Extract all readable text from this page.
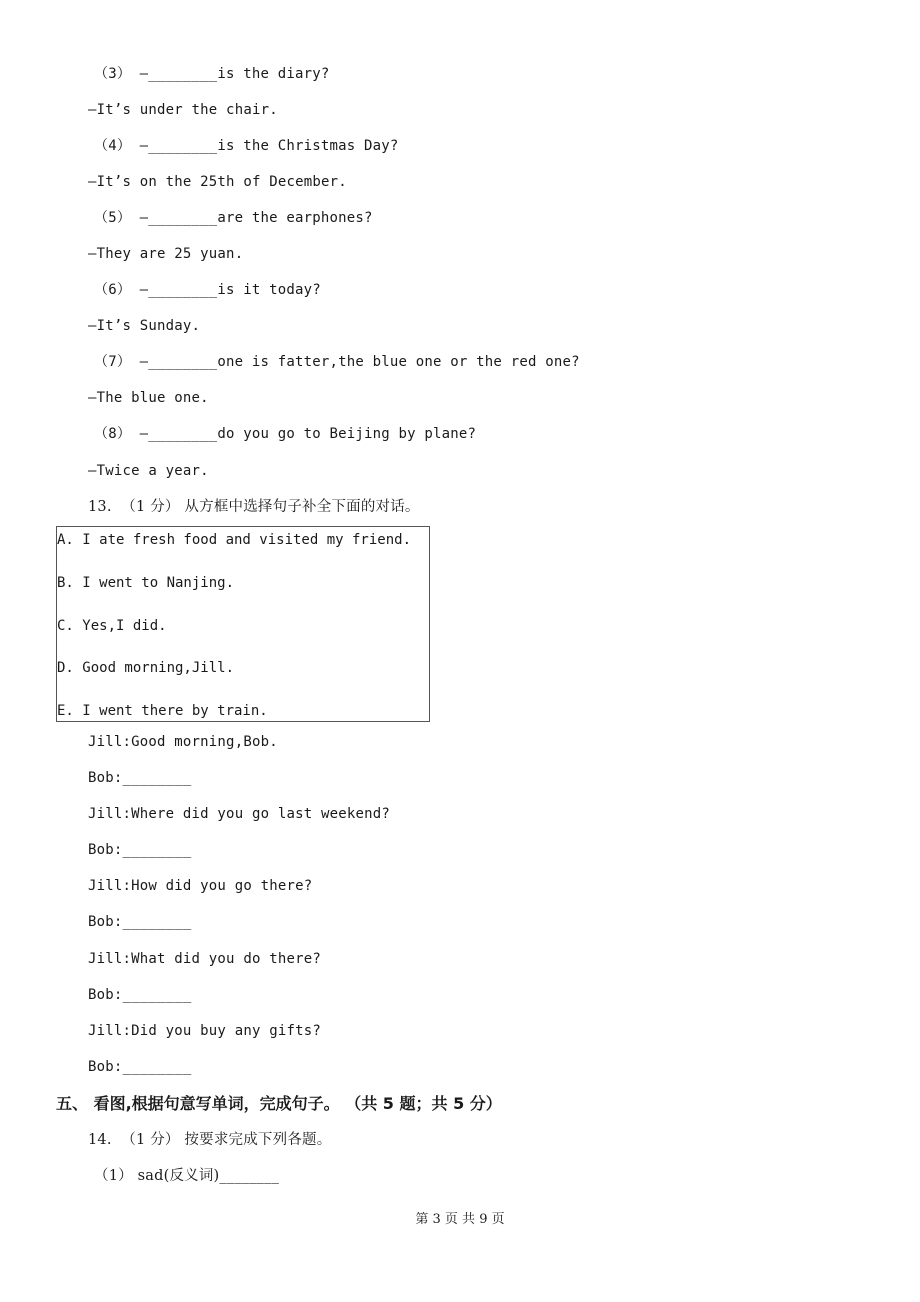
（3） —________is the diary?
—It’s under the chair.
（4） —________is the Christmas Day?
—It’s on the 25th of December.
（5） —________are the earphones?
—They are 25 yuan.
（6） —________is it today?
—It’s Sunday.
（7） —________one is fatter,the blue one or the red one?
—The blue one.
（8） —________do you go to Beijing by plane?
—Twice a year.
13.  （1 分） 从方框中选择句子补全下面的对话。
A. I ate fresh food and visited my friend.
B. I went to Nanjing.
C. Yes,I did.
D. Good morning,Jill.
E. I went there by train.
Jill:Good morning,Bob.
Bob:________
Jill:Where did you go last weekend?
Bob:________
Jill:How did you go there?
Bob:________
Jill:What did you do there?
Bob:________
Jill:Did you buy any gifts?
Bob:________
五、 看图,根据句意写单词，完成句子。 （共 5 题；共 5 分）
14.  （1 分） 按要求完成下列各题。
（1） sad(反义词)________
第 3 页 共 9 页
